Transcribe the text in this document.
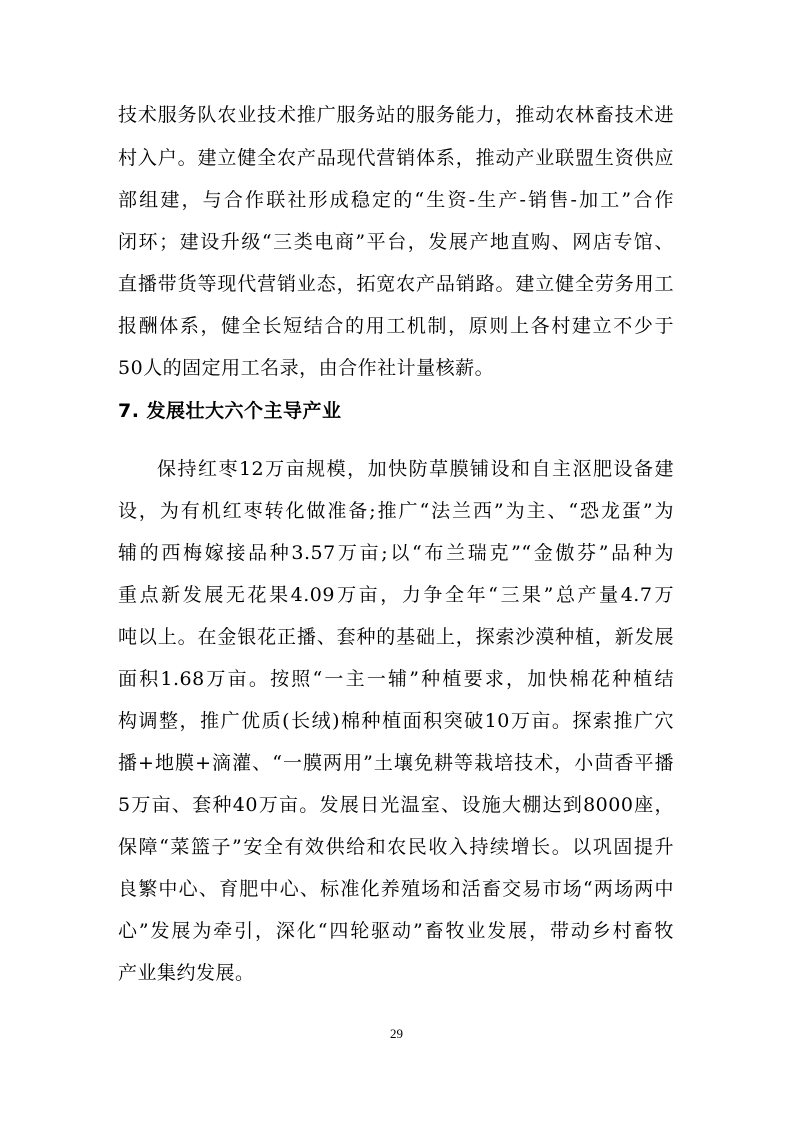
技术服务队农业技术推广服务站的服务能力，推动农林畜技术进
村入户。建立健全农产品现代营销体系，推动产业联盟生资供应
部组建，与合作联社形成稳定的“生资-生产-销售-加工”合作
闭环；建设升级“三类电商”平台，发展产地直购、网店专馆、
直播带货等现代营销业态，拓宽农产品销路。建立健全劳务用工
报酬体系，健全长短结合的用工机制，原则上各村建立不少于
50人的固定用工名录，由合作社计量核薪。
7. 发展壮大六个主导产业
保持红枣12万亩规模，加快防草膜铺设和自主沤肥设备建
设，为有机红枣转化做准备;推广“法兰西”为主、“恐龙蛋”为
辅的西梅嫁接品种3.57万亩;以“布兰瑞克”“金傲芬”品种为
重点新发展无花果4.09万亩，力争全年“三果”总产量4.7万
吨以上。在金银花正播、套种的基础上，探索沙漠种植，新发展
面积1.68万亩。按照“一主一辅”种植要求，加快棉花种植结
构调整，推广优质(长绒)棉种植面积突破10万亩。探索推广穴
播+地膜+滴灌、“一膜两用”土壤免耕等栽培技术，小茴香平播
5万亩、套种40万亩。发展日光温室、设施大棚达到8000座，
保障“菜篮子”安全有效供给和农民收入持续增长。以巩固提升
良繁中心、育肥中心、标准化养殖场和活畜交易市场“两场两中
心”发展为牵引，深化“四轮驱动”畜牧业发展，带动乡村畜牧
产业集约发展。
29
